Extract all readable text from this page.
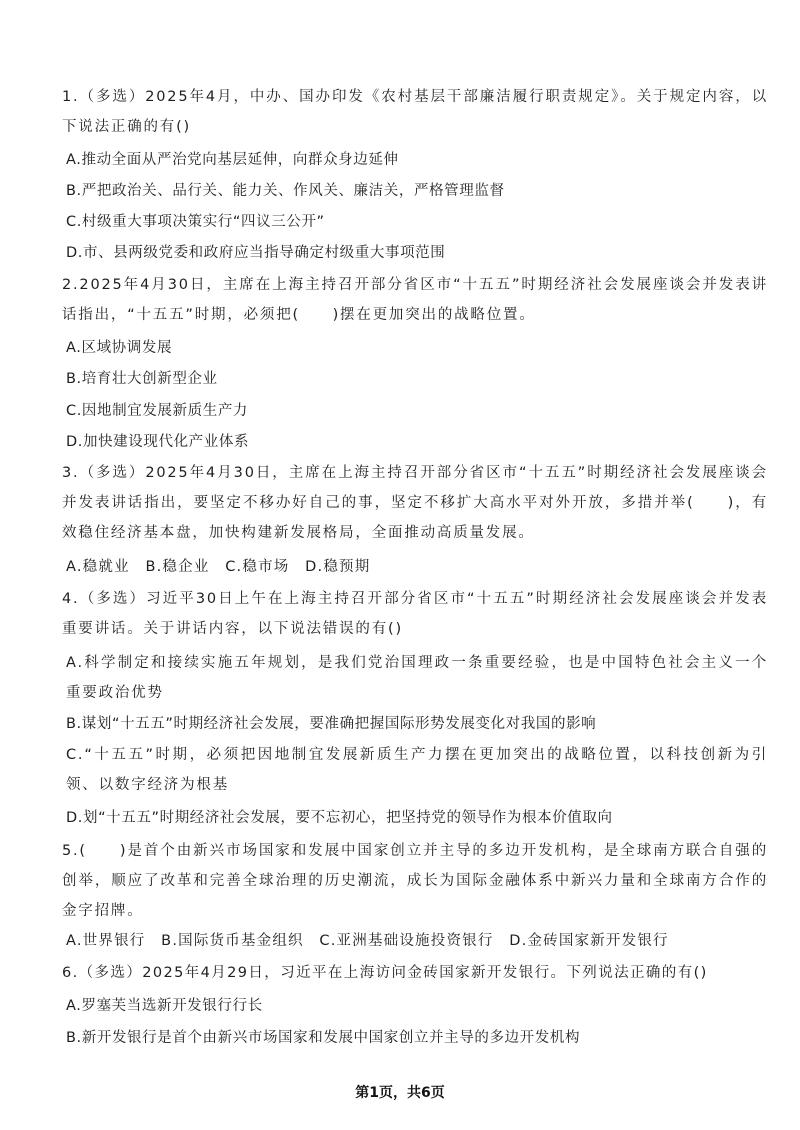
1.（多选）2025年4月，中办、国办印发《农村基层干部廉洁履行职责规定》。关于规定内容，以下说法正确的有()
A.推动全面从严治党向基层延伸，向群众身边延伸
B.严把政治关、品行关、能力关、作风关、廉洁关，严格管理监督
C.村级重大事项决策实行“四议三公开”
D.市、县两级党委和政府应当指导确定村级重大事项范围
2.2025年4月30日，主席在上海主持召开部分省区市“十五五”时期经济社会发展座谈会并发表讲话指出，“十五五”时期，必须把(　　)摆在更加突出的战略位置。
A.区域协调发展
B.培育壮大创新型企业
C.因地制宜发展新质生产力
D.加快建设现代化产业体系
3.（多选）2025年4月30日，主席在上海主持召开部分省区市“十五五”时期经济社会发展座谈会并发表讲话指出，要坚定不移办好自己的事，坚定不移扩大高水平对外开放，多措并举(　　)，有效稳住经济基本盘，加快构建新发展格局，全面推动高质量发展。
A.稳就业　B.稳企业　C.稳市场　D.稳预期
4.（多选）习近平30日上午在上海主持召开部分省区市“十五五”时期经济社会发展座谈会并发表重要讲话。关于讲话内容，以下说法错误的有()
A.科学制定和接续实施五年规划，是我们党治国理政一条重要经验，也是中国特色社会主义一个重要政治优势
B.谋划“十五五”时期经济社会发展，要准确把握国际形势发展变化对我国的影响
C.“十五五”时期，必须把因地制宜发展新质生产力摆在更加突出的战略位置，以科技创新为引领、以数字经济为根基
D.划“十五五”时期经济社会发展，要不忘初心，把坚持党的领导作为根本价值取向
5.(　　)是首个由新兴市场国家和发展中国家创立并主导的多边开发机构，是全球南方联合自强的创举，顺应了改革和完善全球治理的历史潮流，成长为国际金融体系中新兴力量和全球南方合作的金字招牌。
A.世界银行　B.国际货币基金组织　C.亚洲基础设施投资银行　D.金砖国家新开发银行
6.（多选）2025年4月29日，习近平在上海访问金砖国家新开发银行。下列说法正确的有()
A.罗塞芙当选新开发银行行长
B.新开发银行是首个由新兴市场国家和发展中国家创立并主导的多边开发机构
第1页，共6页
